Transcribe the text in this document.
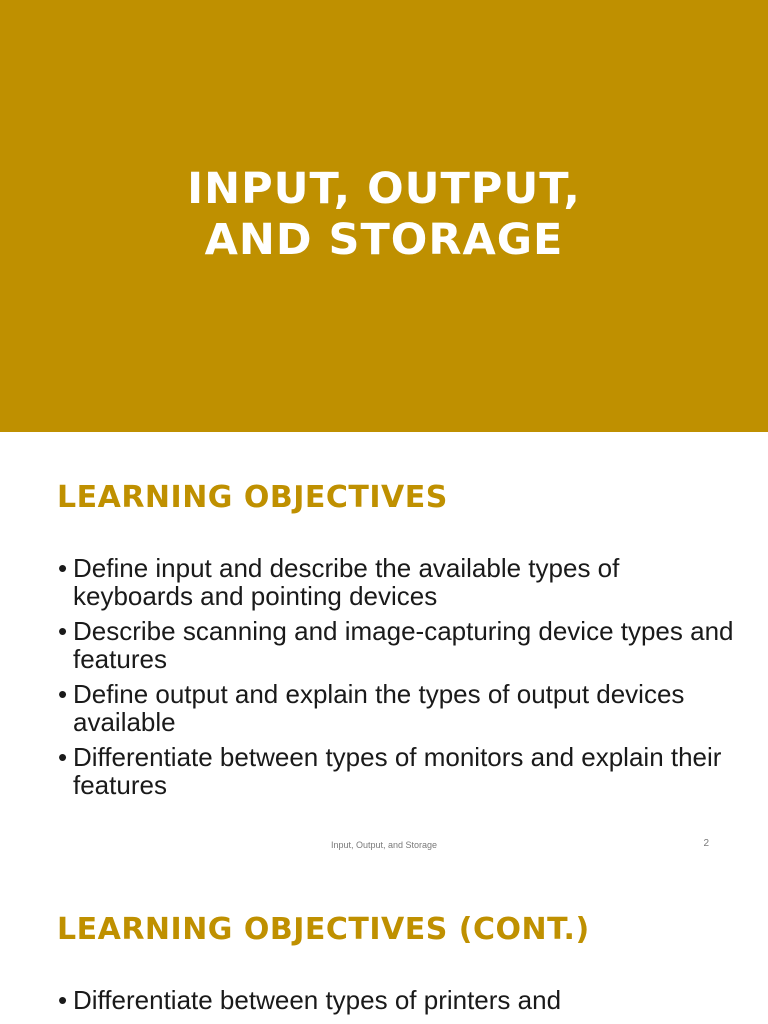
INPUT, OUTPUT,
AND STORAGE
LEARNING OBJECTIVES
• Define input and describe the available types of keyboards and pointing devices
• Describe scanning and image-capturing device types and features
• Define output and explain the types of output devices available
• Differentiate between types of monitors and explain their features
Input, Output, and Storage	2
LEARNING OBJECTIVES (CONT.)
• Differentiate between types of printers and
